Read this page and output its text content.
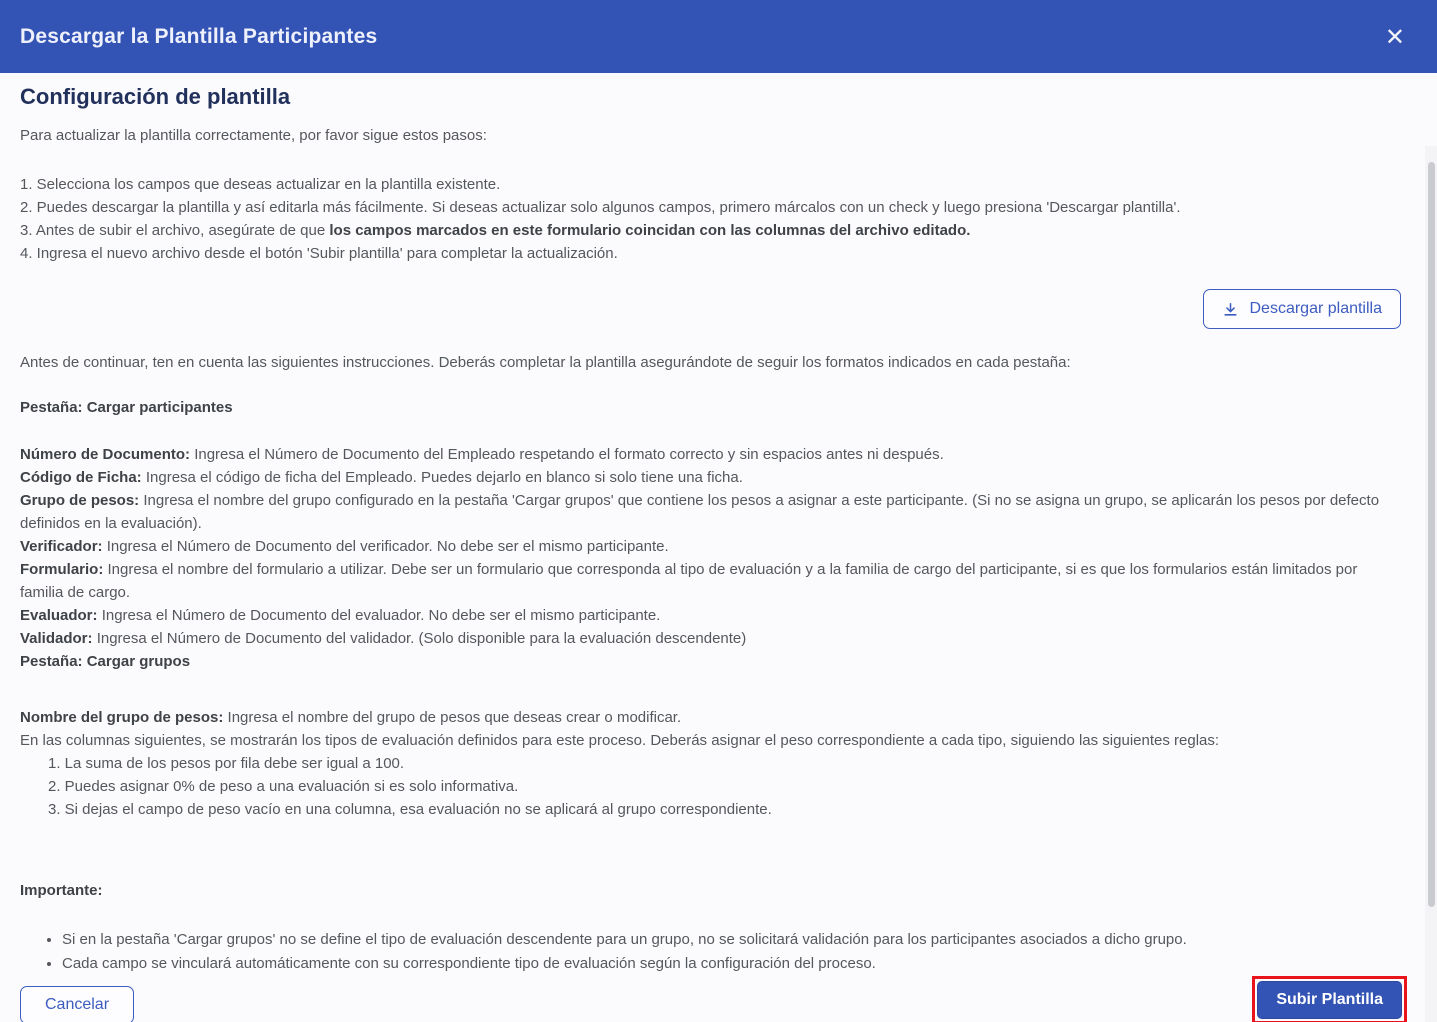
Descargar la Plantilla Participantes	✕
Configuración de plantilla
Para actualizar la plantilla correctamente, por favor sigue estos pasos:
1. Selecciona los campos que deseas actualizar en la plantilla existente.
2. Puedes descargar la plantilla y así editarla más fácilmente. Si deseas actualizar solo algunos campos, primero márcalos con un check y luego presiona 'Descargar plantilla'.
3. Antes de subir el archivo, asegúrate de que los campos marcados en este formulario coincidan con las columnas del archivo editado.
4. Ingresa el nuevo archivo desde el botón 'Subir plantilla' para completar la actualización.
Descargar plantilla
Antes de continuar, ten en cuenta las siguientes instrucciones. Deberás completar la plantilla asegurándote de seguir los formatos indicados en cada pestaña:
Pestaña: Cargar participantes
Número de Documento: Ingresa el Número de Documento del Empleado respetando el formato correcto y sin espacios antes ni después.
Código de Ficha: Ingresa el código de ficha del Empleado. Puedes dejarlo en blanco si solo tiene una ficha.
Grupo de pesos: Ingresa el nombre del grupo configurado en la pestaña 'Cargar grupos' que contiene los pesos a asignar a este participante. (Si no se asigna un grupo, se aplicarán los pesos por defecto definidos en la evaluación).
Verificador: Ingresa el Número de Documento del verificador. No debe ser el mismo participante.
Formulario: Ingresa el nombre del formulario a utilizar. Debe ser un formulario que corresponda al tipo de evaluación y a la familia de cargo del participante, si es que los formularios están limitados por familia de cargo.
Evaluador: Ingresa el Número de Documento del evaluador. No debe ser el mismo participante.
Validador: Ingresa el Número de Documento del validador. (Solo disponible para la evaluación descendente)
Pestaña: Cargar grupos
Nombre del grupo de pesos: Ingresa el nombre del grupo de pesos que deseas crear o modificar.
En las columnas siguientes, se mostrarán los tipos de evaluación definidos para este proceso. Deberás asignar el peso correspondiente a cada tipo, siguiendo las siguientes reglas:
1. La suma de los pesos por fila debe ser igual a 100.
2. Puedes asignar 0% de peso a una evaluación si es solo informativa.
3. Si dejas el campo de peso vacío en una columna, esa evaluación no se aplicará al grupo correspondiente.
Importante:
• Si en la pestaña 'Cargar grupos' no se define el tipo de evaluación descendente para un grupo, no se solicitará validación para los participantes asociados a dicho grupo.
• Cada campo se vinculará automáticamente con su correspondiente tipo de evaluación según la configuración del proceso.
Cancelar	Subir Plantilla
